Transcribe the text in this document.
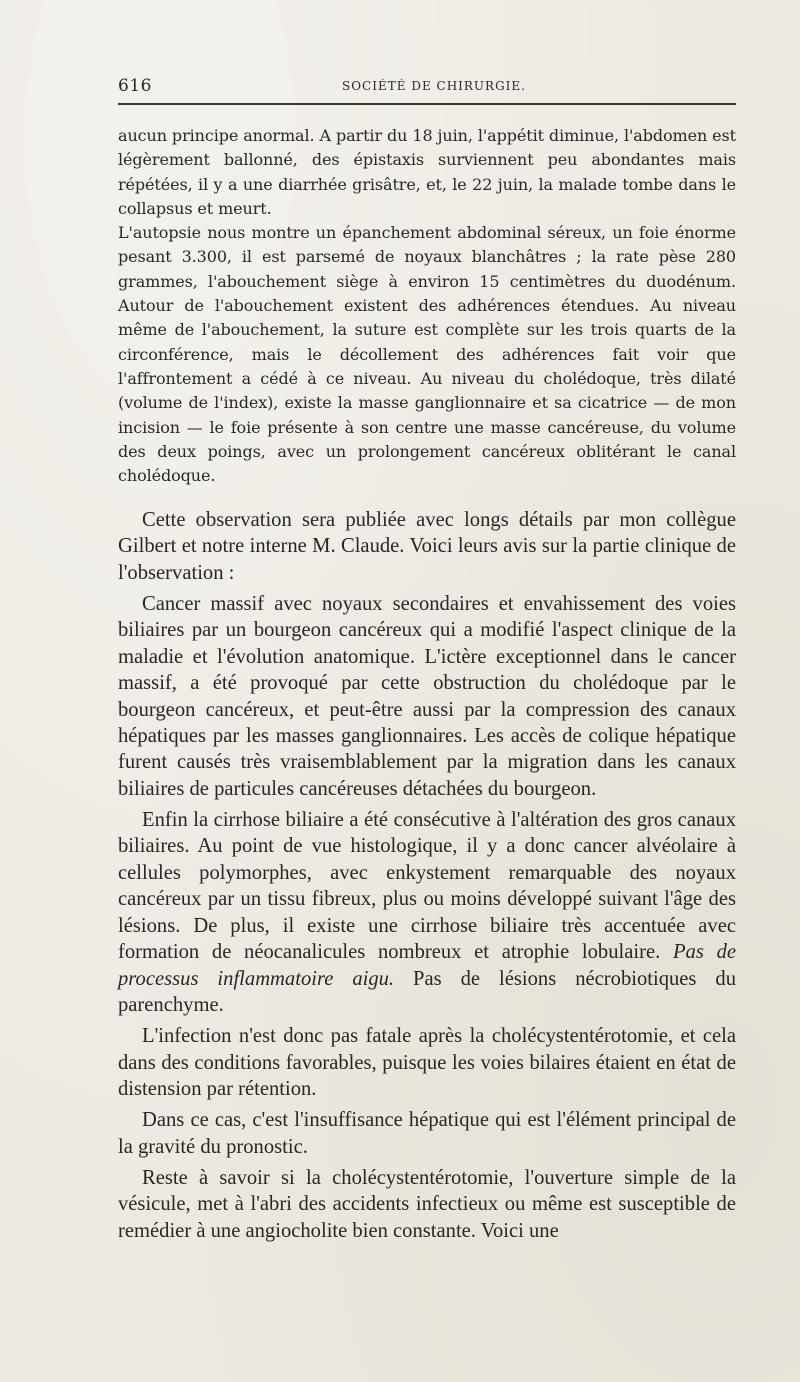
616	SOCIÉTÉ DE CHIRURGIE.

aucun principe anormal. A partir du 18 juin, l'appétit diminue, l'abdomen est légèrement ballonné, des épistaxis surviennent peu abondantes mais répétées, il y a une diarrhée grisâtre, et, le 22 juin, la malade tombe dans le collapsus et meurt.

L'autopsie nous montre un épanchement abdominal séreux, un foie énorme pesant 3.300, il est parsemé de noyaux blanchâtres ; la rate pèse 280 grammes, l'abouchement siège à environ 15 centimètres du duodénum. Autour de l'abouchement existent des adhérences étendues. Au niveau même de l'abouchement, la suture est complète sur les trois quarts de la circonférence, mais le décollement des adhérences fait voir que l'affrontement a cédé à ce niveau. Au niveau du cholédoque, très dilaté (volume de l'index), existe la masse ganglionnaire et sa cicatrice — de mon incision — le foie présente à son centre une masse cancéreuse, du volume des deux poings, avec un prolongement cancéreux oblitérant le canal cholédoque.

Cette observation sera publiée avec longs détails par mon collègue Gilbert et notre interne M. Claude. Voici leurs avis sur la partie clinique de l'observation :

Cancer massif avec noyaux secondaires et envahissement des voies biliaires par un bourgeon cancéreux qui a modifié l'aspect clinique de la maladie et l'évolution anatomique. L'ictère exceptionnel dans le cancer massif, a été provoqué par cette obstruction du cholédoque par le bourgeon cancéreux, et peut-être aussi par la compression des canaux hépatiques par les masses ganglionnaires. Les accès de colique hépatique furent causés très vraisemblablement par la migration dans les canaux biliaires de particules cancéreuses détachées du bourgeon.

Enfin la cirrhose biliaire a été consécutive à l'altération des gros canaux biliaires. Au point de vue histologique, il y a donc cancer alvéolaire à cellules polymorphes, avec enkystement remarquable des noyaux cancéreux par un tissu fibreux, plus ou moins développé suivant l'âge des lésions. De plus, il existe une cirrhose biliaire très accentuée avec formation de néocanalicules nombreux et atrophie lobulaire. Pas de processus inflammatoire aigu. Pas de lésions nécrobiotiques du parenchyme.

L'infection n'est donc pas fatale après la cholécystentérotomie, et cela dans des conditions favorables, puisque les voies bilaires étaient en état de distension par rétention.

Dans ce cas, c'est l'insuffisance hépatique qui est l'élément principal de la gravité du pronostic.

Reste à savoir si la cholécystentérotomie, l'ouverture simple de la vésicule, met à l'abri des accidents infectieux ou même est susceptible de remédier à une angiocholite bien constante. Voici une
